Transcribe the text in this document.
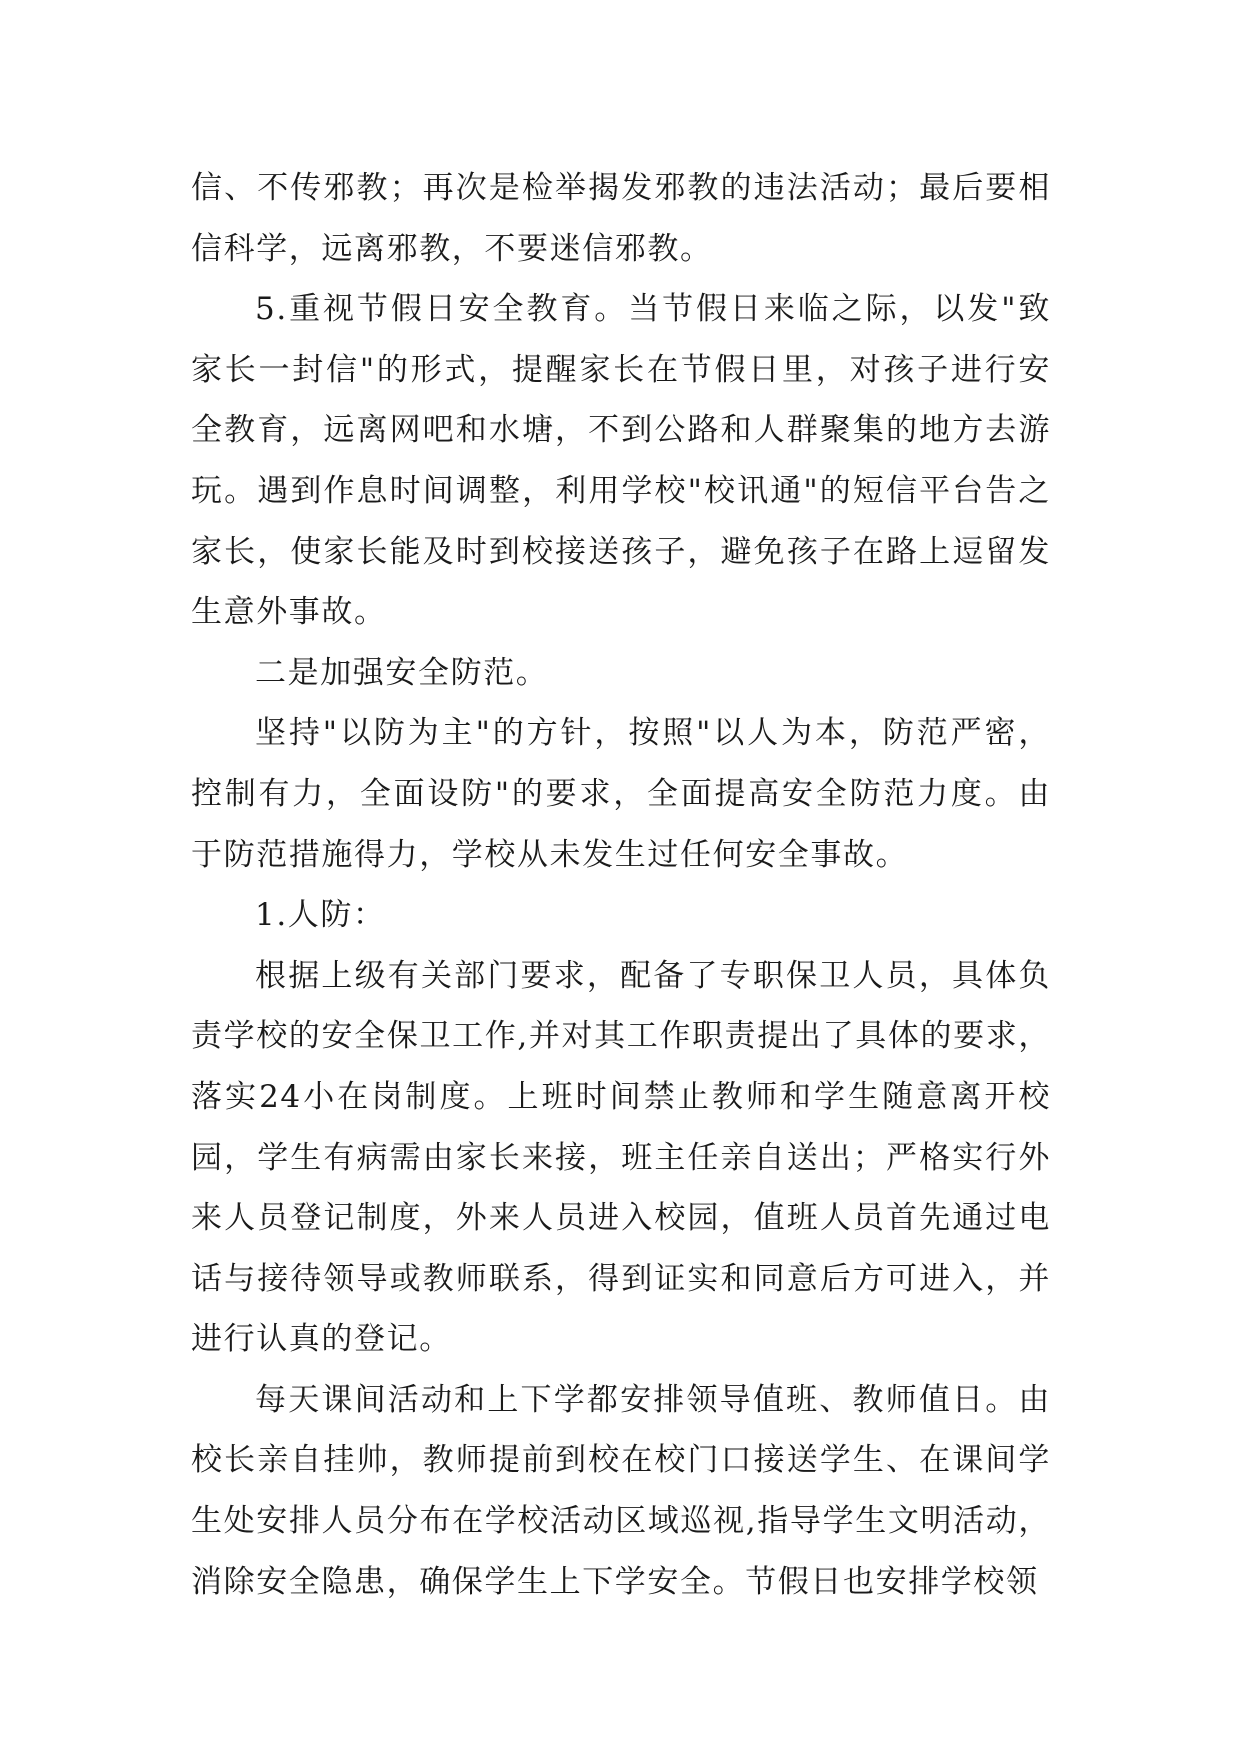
信、不传邪教；再次是检举揭发邪教的违法活动；最后要相信科学，远离邪教，不要迷信邪教。

5.重视节假日安全教育。当节假日来临之际，以发"致家长一封信"的形式，提醒家长在节假日里，对孩子进行安全教育，远离网吧和水塘，不到公路和人群聚集的地方去游玩。遇到作息时间调整，利用学校"校讯通"的短信平台告之家长，使家长能及时到校接送孩子，避免孩子在路上逗留发生意外事故。

二是加强安全防范。

坚持"以防为主"的方针，按照"以人为本，防范严密，控制有力，全面设防"的要求，全面提高安全防范力度。由于防范措施得力，学校从未发生过任何安全事故。

1.人防：

根据上级有关部门要求，配备了专职保卫人员，具体负责学校的安全保卫工作,并对其工作职责提出了具体的要求，落实24小在岗制度。上班时间禁止教师和学生随意离开校园，学生有病需由家长来接，班主任亲自送出；严格实行外来人员登记制度，外来人员进入校园，值班人员首先通过电话与接待领导或教师联系，得到证实和同意后方可进入，并进行认真的登记。

每天课间活动和上下学都安排领导值班、教师值日。由校长亲自挂帅，教师提前到校在校门口接送学生、在课间学生处安排人员分布在学校活动区域巡视,指导学生文明活动，消除安全隐患，确保学生上下学安全。节假日也安排学校领
